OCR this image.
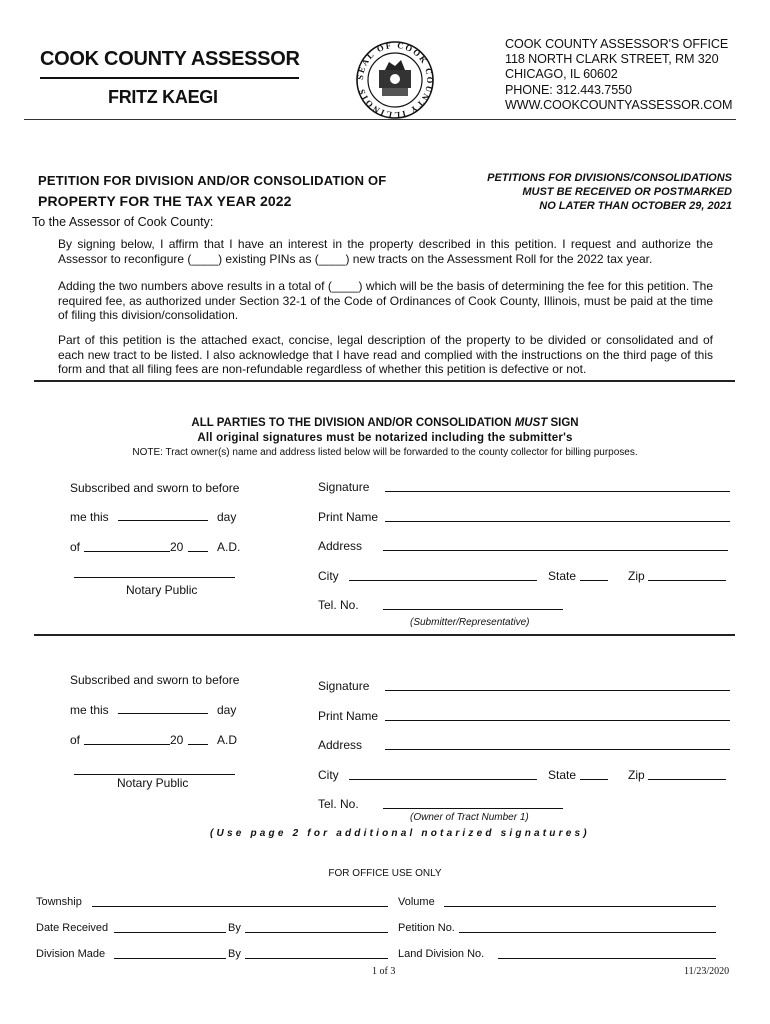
COOK COUNTY ASSESSOR
FRITZ KAEGI
SEAL OF COOK COUNTY ILLINOIS
COOK COUNTY ASSESSOR'S OFFICE
118 NORTH CLARK STREET, RM 320
CHICAGO, IL 60602
PHONE: 312.443.7550
WWW.COOKCOUNTYASSESSOR.COM
PETITION FOR DIVISION AND/OR CONSOLIDATION OF
PROPERTY FOR THE TAX YEAR 2022
PETITIONS FOR DIVISIONS/CONSOLIDATIONS
MUST BE RECEIVED OR POSTMARKED
NO LATER THAN OCTOBER 29, 2021
To the Assessor of Cook County:
By signing below, I affirm that I have an interest in the property described in this petition. I request and authorize the Assessor to reconfigure (____) existing PINs as (____) new tracts on the Assessment Roll for the 2022 tax year.
Adding the two numbers above results in a total of (____) which will be the basis of determining the fee for this petition. The required fee, as authorized under Section 32-1 of the Code of Ordinances of Cook County, Illinois, must be paid at the time of filing this division/consolidation.
Part of this petition is the attached exact, concise, legal description of the property to be divided or consolidated and of each new tract to be listed. I also acknowledge that I have read and complied with the instructions on the third page of this form and that all filing fees are non-refundable regardless of whether this petition is defective or not.
ALL PARTIES TO THE DIVISION AND/OR CONSOLIDATION MUST SIGN
All original signatures must be notarized including the submitter's
NOTE: Tract owner(s) name and address listed below will be forwarded to the county collector for billing purposes.
Subscribed and sworn to before
me this	day
of	20	A.D.
Notary Public
Signature
Print Name
Address
City	State	Zip
Tel. No.
(Submitter/Representative)
Subscribed and sworn to before
me this	day
of	20	A.D
Notary Public
Signature
Print Name
Address
City	State	Zip
Tel. No.
(Owner of Tract Number 1)
(Use page 2 for additional notarized signatures)
FOR OFFICE USE ONLY
Township	Volume
Date Received	By	Petition No.
Division Made	By	Land Division No.
1 of 3	11/23/2020
